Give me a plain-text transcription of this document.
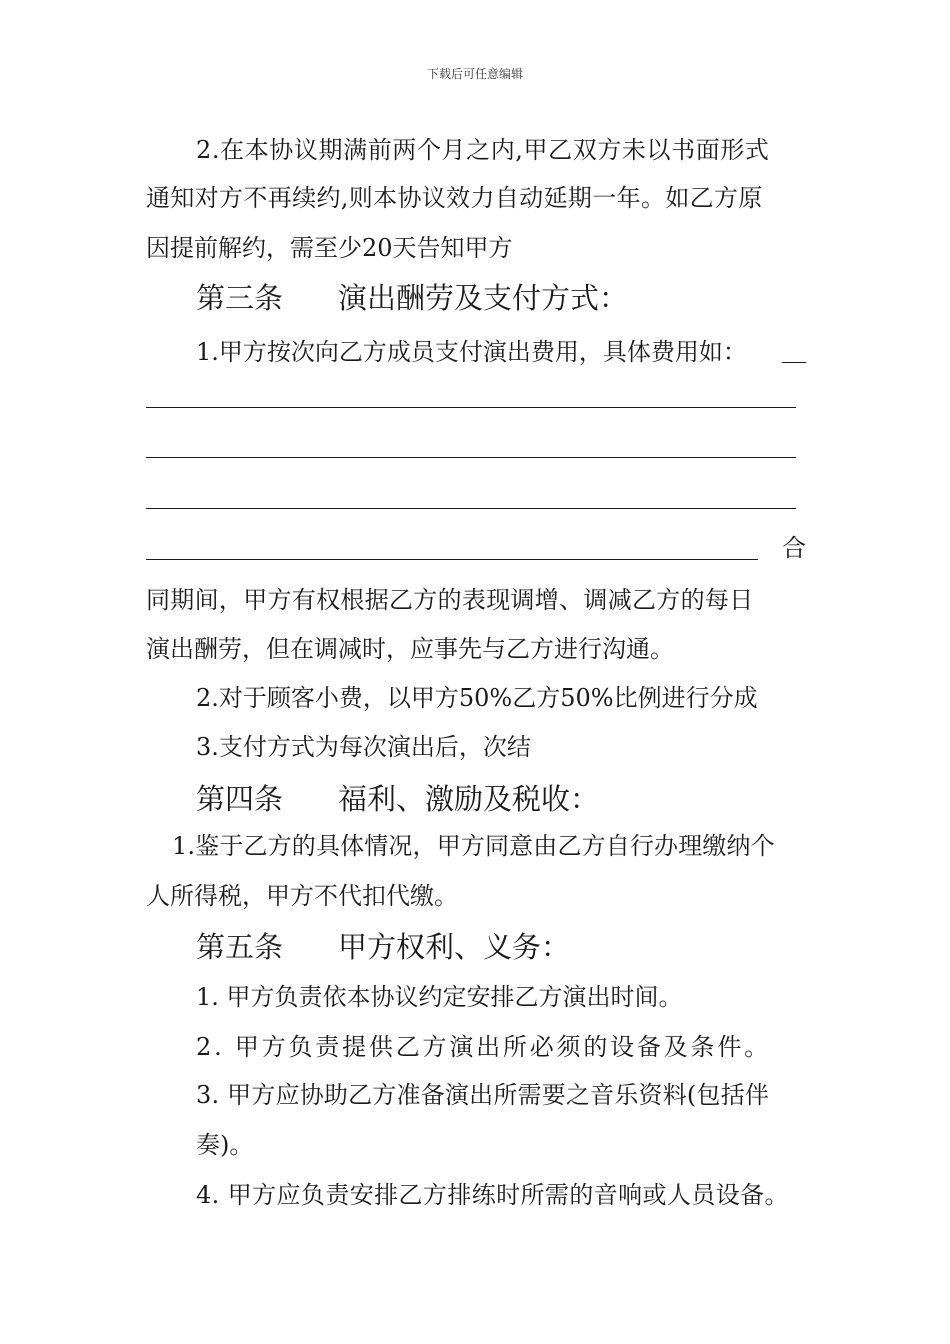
下载后可任意编辑

2.在本协议期满前两个月之内,甲乙双方未以书面形式

通知对方不再续约,则本协议效力自动延期一年。如乙方原

因提前解约，需至少20天告知甲方

第三条 演出酬劳及支付方式：

1.甲方按次向乙方成员支付演出费用，具体费用如：

合

同期间，甲方有权根据乙方的表现调增、调减乙方的每日

演出酬劳，但在调减时，应事先与乙方进行沟通。

2.对于顾客小费，以甲方50%乙方50%比例进行分成

3.支付方式为每次演出后，次结

第四条 福利、激励及税收：

1.鉴于乙方的具体情况，甲方同意由乙方自行办理缴纳个

人所得税，甲方不代扣代缴。

第五条 甲方权利、义务：

1. 甲方负责依本协议约定安排乙方演出时间。

2. 甲方负责提供乙方演出所必须的设备及条件。

3. 甲方应协助乙方准备演出所需要之音乐资料(包括伴

奏)。

4. 甲方应负责安排乙方排练时所需的音响或人员设备。
